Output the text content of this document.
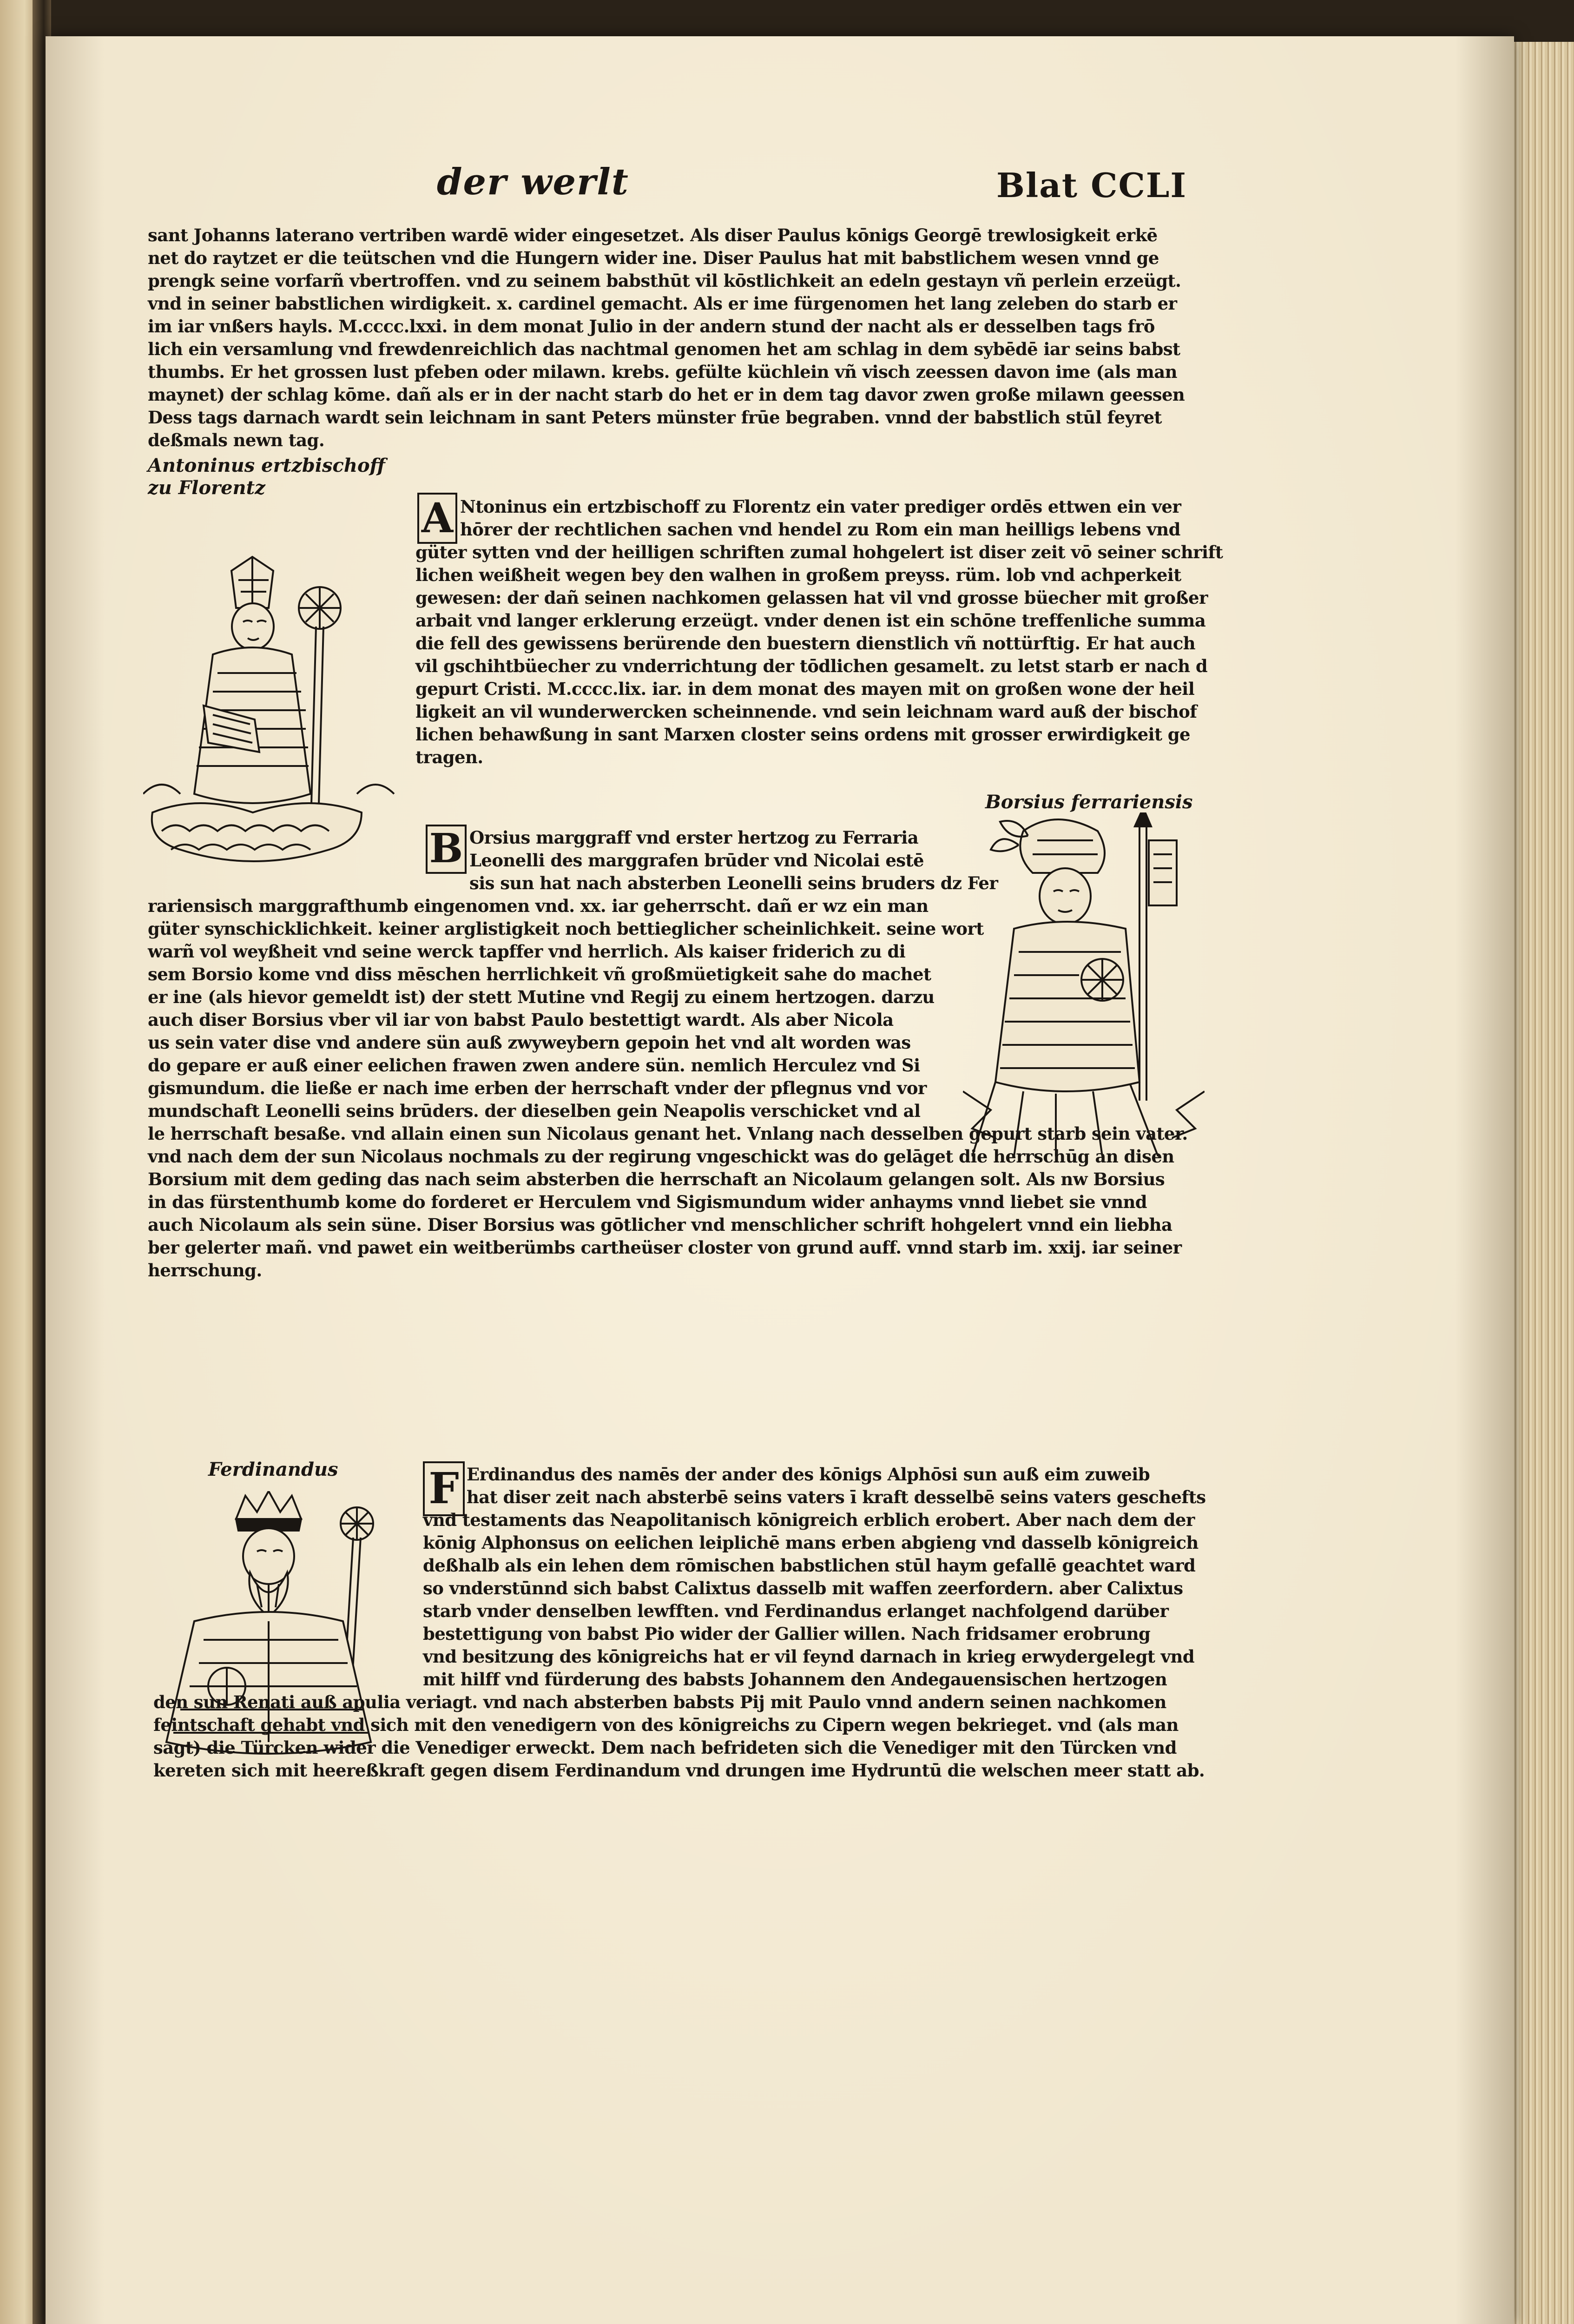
der werlt	Blat CCLI
sant Johanns laterano vertriben wardē wider eingesetzet. Als diser Paulus kōnigs Georgē trewlosigkeit erkē
net do raytzet er die teütschen vnd die Hungern wider ine. Diser Paulus hat mit babstlichem wesen vnnd ge
prengk seine vorfarñ vbertroffen. vnd zu seinem babsthūt vil kōstlichkeit an edeln gestayn vñ perlein erzeügt.
vnd in seiner babstlichen wirdigkeit. x. cardinel gemacht. Als er ime fürgenomen het lang zeleben do starb er
im iar vnßers hayls. M.cccc.lxxi. in dem monat Julio in der andern stund der nacht als er desselben tags frō
lich ein versamlung vnd frewdenreichlich das nachtmal genomen het am schlag in dem sybēdē iar seins babst
thumbs. Er het grossen lust pfeben oder milawn. krebs. gefülte küchlein vñ visch zeessen davon ime (als man
maynet) der schlag kōme. dañ als er in der nacht starb do het er in dem tag davor zwen große milawn geessen
Dess tags darnach wardt sein leichnam in sant Peters münster frūe begraben. vnnd der babstlich stūl feyret
deßmals newn tag.
Antoninus ertzbischoff
zu Florentz
A Ntoninus ein ertzbischoff zu Florentz ein vater prediger ordēs ettwen ein ver
hōrer der rechtlichen sachen vnd hendel zu Rom ein man heilligs lebens vnd
güter sytten vnd der heilligen schriften zumal hohgelert ist diser zeit vō seiner schrift
lichen weißheit wegen bey den walhen in großem preyss. rüm. lob vnd achperkeit
gewesen: der dañ seinen nachkomen gelassen hat vil vnd grosse büecher mit großer
arbait vnd langer erklerung erzeügt. vnder denen ist ein schōne treffenliche summa
die fell des gewissens berürende den buestern dienstlich vñ nottürftig. Er hat auch
vil gschihtbüecher zu vnderrichtung der tōdlichen gesamelt. zu letst starb er nach d
gepurt Cristi. M.cccc.lix. iar. in dem monat des mayen mit on großen wone der heil
ligkeit an vil wunderwercken scheinnende. vnd sein leichnam ward auß der bischof
lichen behawßung in sant Marxen closter seins ordens mit grosser erwirdigkeit ge
tragen.
Borsius ferrariensis
B Orsius marggraff vnd erster hertzog zu Ferraria
Leonelli des marggrafen brūder vnd Nicolai estē
sis sun hat nach absterben Leonelli seins bruders dz Fer
rariensisch marggrafthumb eingenomen vnd. xx. iar geherrscht. dañ er wz ein man
güter synschicklichkeit. keiner arglistigkeit noch bettieglicher scheinlichkeit. seine wort
warñ vol weyßheit vnd seine werck tapffer vnd herrlich. Als kaiser friderich zu di
sem Borsio kome vnd diss mēschen herrlichkeit vñ großmüetigkeit sahe do machet
er ine (als hievor gemeldt ist) der stett Mutine vnd Regij zu einem hertzogen. darzu
auch diser Borsius vber vil iar von babst Paulo bestettigt wardt. Als aber Nicola
us sein vater dise vnd andere sün auß zwyweybern gepoin het vnd alt worden was
do gepare er auß einer eelichen frawen zwen andere sün. nemlich Herculez vnd Si
gismundum. die ließe er nach ime erben der herrschaft vnder der pflegnus vnd vor
mundschaft Leonelli seins brūders. der dieselben gein Neapolis verschicket vnd al
le herrschaft besaße. vnd allain einen sun Nicolaus genant het. Vnlang nach desselben gepurt starb sein vater.
vnd nach dem der sun Nicolaus nochmals zu der regirung vngeschickt was do gelāget die herrschūg an disen
Borsium mit dem geding das nach seim absterben die herrschaft an Nicolaum gelangen solt. Als nw Borsius
in das fürstenthumb kome do forderet er Herculem vnd Sigismundum wider anhayms vnnd liebet sie vnnd
auch Nicolaum als sein süne. Diser Borsius was gōtlicher vnd menschlicher schrift hohgelert vnnd ein liebha
ber gelerter mañ. vnd pawet ein weitberümbs cartheüser closter von grund auff. vnnd starb im. xxij. iar seiner
herrschung.
Ferdinandus F Erdinandus des namēs der ander des kōnigs Alphōsi sun auß eim zuweib
hat diser zeit nach absterbē seins vaters ī kraft desselbē seins vaters geschefts
vnd testaments das Neapolitanisch kōnigreich erblich erobert. Aber nach dem der
kōnig Alphonsus on eelichen leiplichē mans erben abgieng vnd dasselb kōnigreich
deßhalb als ein lehen dem rōmischen babstlichen stūl haym gefallē geachtet ward
so vnderstūnnd sich babst Calixtus dasselb mit waffen zeerfordern. aber Calixtus
starb vnder denselben lewfften. vnd Ferdinandus erlanget nachfolgend darüber
bestettigung von babst Pio wider der Gallier willen. Nach fridsamer erobrung
vnd besitzung des kōnigreichs hat er vil feynd darnach in krieg erwydergelegt vnd
mit hilff vnd fürderung des babsts Johannem den Andegauensischen hertzogen
den sun Renati auß apulia veriagt. vnd nach absterben babsts Pij mit Paulo vnnd andern seinen nachkomen
feintschaft gehabt vnd sich mit den venedigern von des kōnigreichs zu Cipern wegen bekrieget. vnd (als man
sagt) die Türcken wider die Venediger erweckt. Dem nach befrideten sich die Venediger mit den Türcken vnd
kereten sich mit heereßkraft gegen disem Ferdinandum vnd drungen ime Hydruntū die welschen meer statt ab.
